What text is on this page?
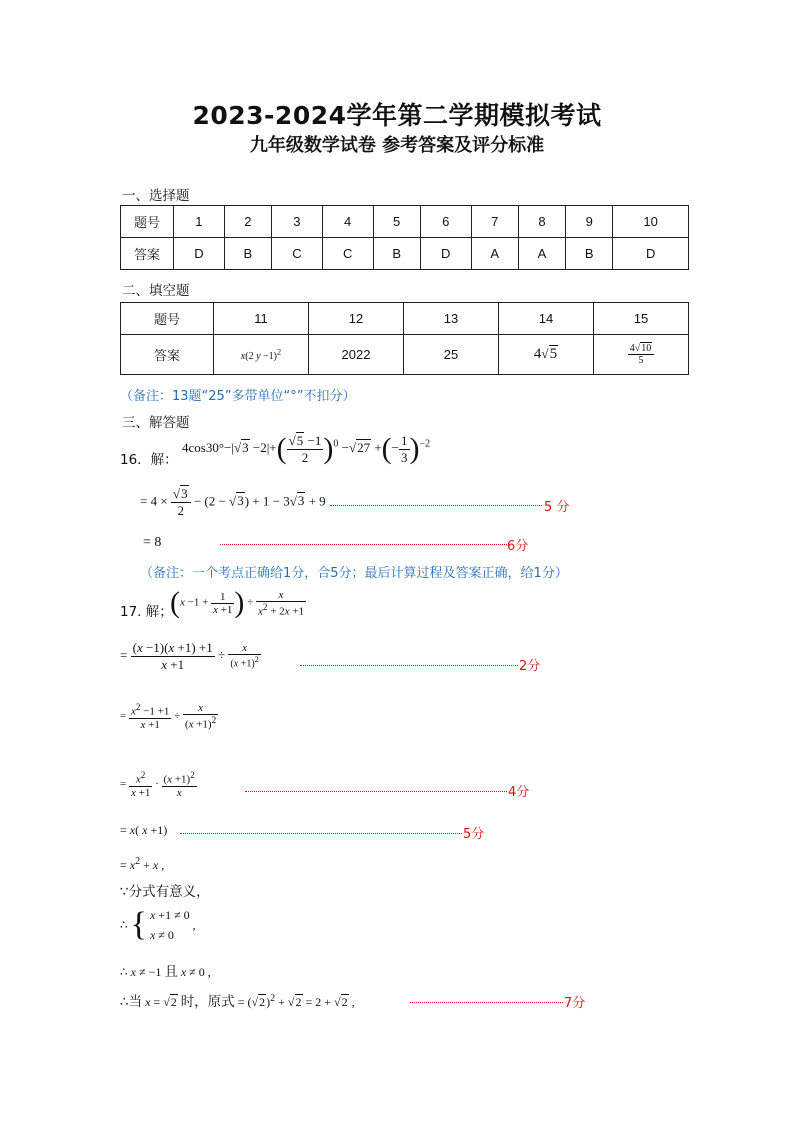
2023-2024学年第二学期模拟考试
九年级数学试卷 参考答案及评分标准
一、选择题
题号	1	2	3	4	5	6	7	8	9	10
答案	D	B	C	C	B	D	A	A	B	D
二、填空题
题号	11	12	13	14	15
答案	x(2 y −1)$^2$	2022	25	4√5	$\frac{4√10}{5}$
（备注：13题“25”多带单位“°”不扣分）
三、解答题
16．解：
$4\cos 30^\circ-|√3 -2|+( \frac{√5 -1}{2} )^0 -√27$ +(− $\frac{1}{3} )^{-2}$
= $4 \times \frac{√3}{2} - (2 - √3) + 1 - 3√3 + 9$	5 分
= 8	6分
（备注：一个考点正确给1分，合5分；最后计算过程及答案正确，给1分）
17. 解；
($x -1 + \frac{1}{x +1}$ ) ÷ $\frac{x}{x^2 + 2x +1}$
= $\frac{(x -1)(x +1) +1}{x +1} \div \frac{x}{(x +1)^2}$	2分
= $\frac{x^2 -1 +1}{x +1} \div \frac{x}{(x +1)^2}$
= $\frac{x^2}{x +1} \cdot \frac{(x +1)^2}{x}$	4分
= x( x +1)	5分
= $x^2 + x$ ,
∵分式有意义，
∴ { x +1 ≠ 0
x ≠ 0 ,
∴ x ≠ −1 且 x ≠ 0 ,
∴当 x = √2 时，原式 = $(√2)^2 + √2 = 2 + √2$ ,	7分
